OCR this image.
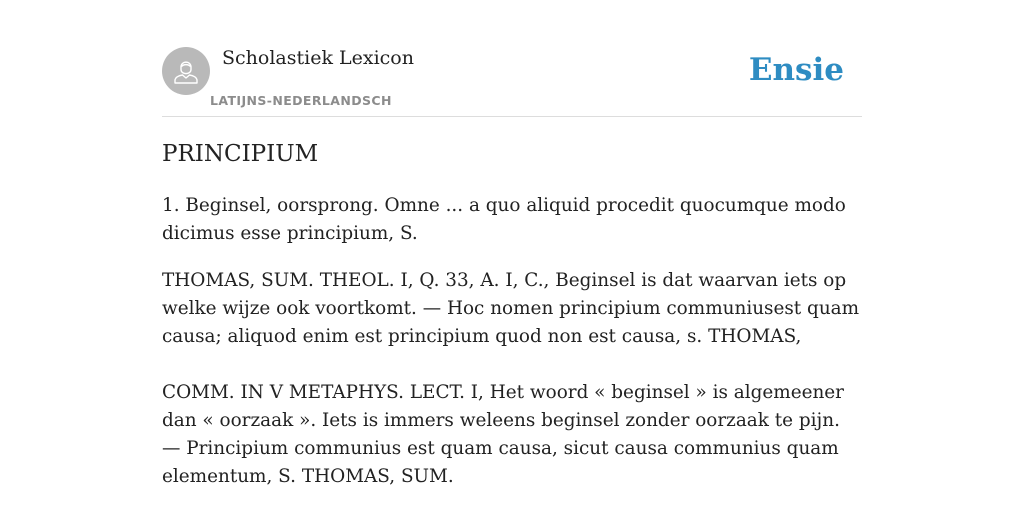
Scholastiek Lexicon
LATIJNS-NEDERLANDSCH
Ensie
PRINCIPIUM

1. Beginsel, oorsprong. Omne ... a quo aliquid procedit quocumque modo dicimus esse principium, S.

THOMAS, SUM. THEOL. I, Q. 33, A. I, C., Beginsel is dat waarvan iets op welke wijze ook voortkomt. — Hoc nomen principium communiusest quam causa; aliquod enim est principium quod non est causa, s. THOMAS,

COMM. IN V METAPHYS. LECT. I, Het woord « beginsel » is algemeener dan « oorzaak ». Iets is immers weleens beginsel zonder oorzaak te pijn. — Principium communius est quam causa, sicut causa communius quam elementum, S. THOMAS, SUM.
